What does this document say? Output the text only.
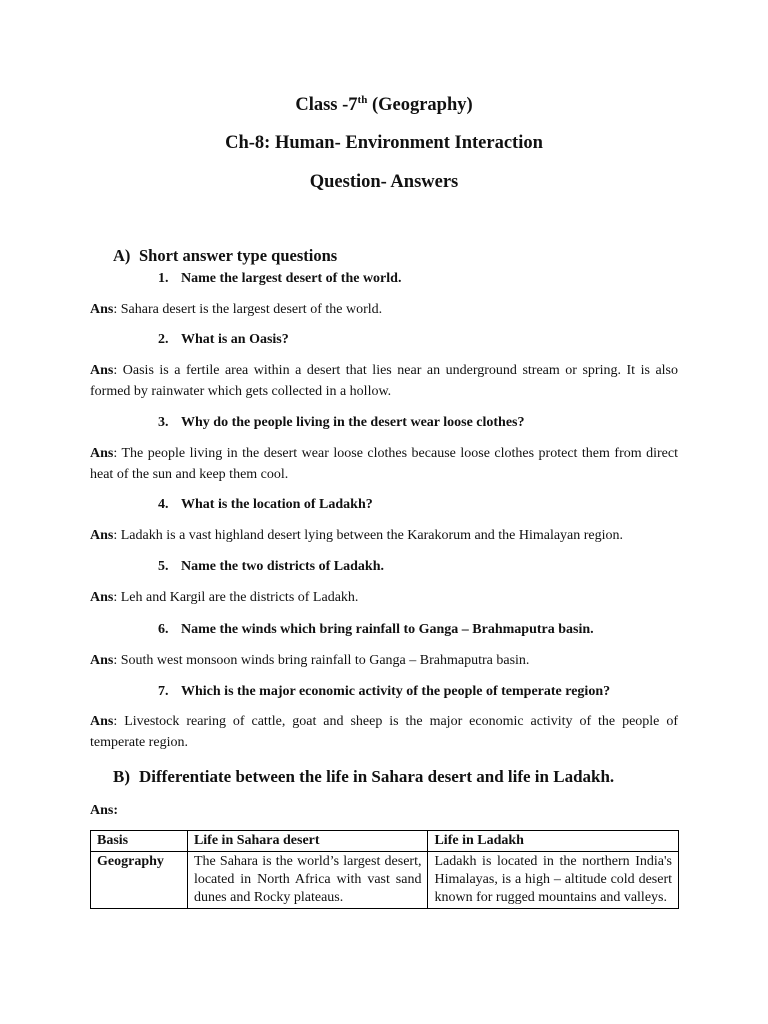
Class -7th (Geography)
Ch-8: Human- Environment Interaction
Question- Answers
A) Short answer type questions
1. Name the largest desert of the world.

Ans: Sahara desert is the largest desert of the world.

2. What is an Oasis?

Ans: Oasis is a fertile area within a desert that lies near an underground stream or spring. It is also formed by rainwater which gets collected in a hollow.

3. Why do the people living in the desert wear loose clothes?

Ans: The people living in the desert wear loose clothes because loose clothes protect them from direct heat of the sun and keep them cool.

4. What is the location of Ladakh?

Ans: Ladakh is a vast highland desert lying between the Karakorum and the Himalayan region.

5. Name the two districts of Ladakh.

Ans: Leh and Kargil are the districts of Ladakh.

6. Name the winds which bring rainfall to Ganga – Brahmaputra basin.

Ans: South west monsoon winds bring rainfall to Ganga – Brahmaputra basin.

7. Which is the major economic activity of the people of temperate region?

Ans: Livestock rearing of cattle, goat and sheep is the major economic activity of the people of temperate region.

B) Differentiate between the life in Sahara desert and life in Ladakh.

Ans:

Basis	Life in Sahara desert	Life in Ladakh
Geography	The Sahara is the world’s largest desert, located in North Africa with vast sand dunes and Rocky plateaus.	Ladakh is located in the northern India's Himalayas, is a high – altitude cold desert known for rugged mountains and valleys.
